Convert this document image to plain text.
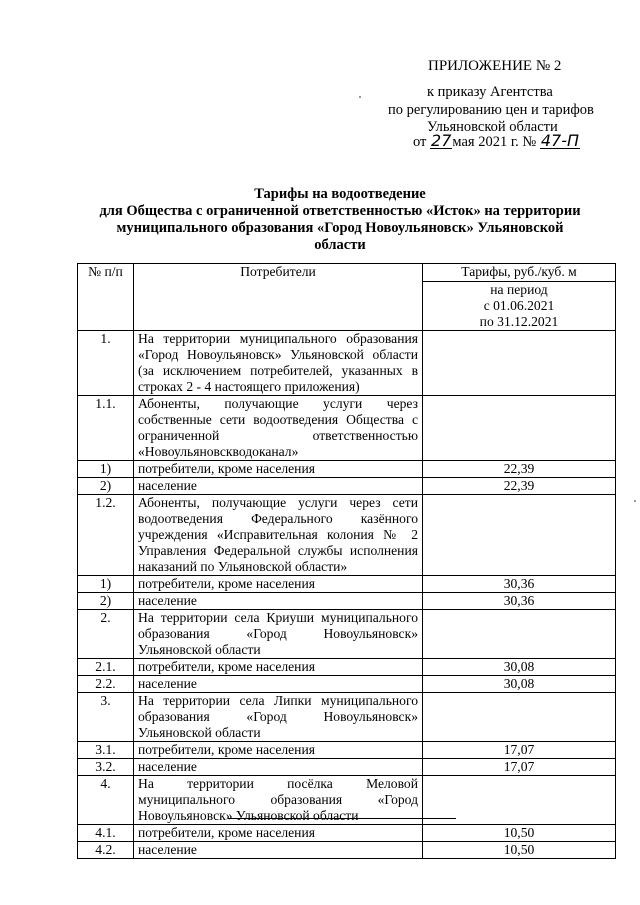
ПРИЛОЖЕНИЕ № 2
к приказу Агентства
по регулированию цен и тарифов
Ульяновской области
от 27мая 2021 г. № 47-П
Тарифы на водоотведение
для Общества с ограниченной ответственностью «Исток» на территории
муниципального образования «Город Новоульяновск» Ульяновской
области
№ п/п	Потребители	Тарифы, руб./куб. м

		на период
с 01.06.2021
по 31.12.2021

1.	На территории муниципального образования «Город Новоульяновск» Ульяновской области (за исключением потребителей, указанных в строках 2 - 4 настоящего приложения)	
1.1.	Абоненты, получающие услуги через собственные сети водоотведения Общества с ограниченной ответственностью «Новоульяновскводоканал»	
1)	потребители, кроме населения	22,39
2)	население	22,39
1.2.	Абоненты, получающие услуги через сети водоотведения Федерального казённого учреждения «Исправительная колония № 2 Управления Федеральной службы исполнения наказаний по Ульяновской области»	
1)	потребители, кроме населения	30,36
2)	население	30,36
2.	На территории села Криуши муниципального образования «Город Новоульяновск» Ульяновской области	
2.1.	потребители, кроме населения	30,08
2.2.	население	30,08
3.	На территории села Липки муниципального образования «Город Новоульяновск» Ульяновской области	
3.1.	потребители, кроме населения	17,07
3.2.	население	17,07
4.	На территории посёлка Меловой муниципального образования «Город Новоульяновск» Ульяновской области	
4.1.	потребители, кроме населения	10,50
4.2.	население	10,50
